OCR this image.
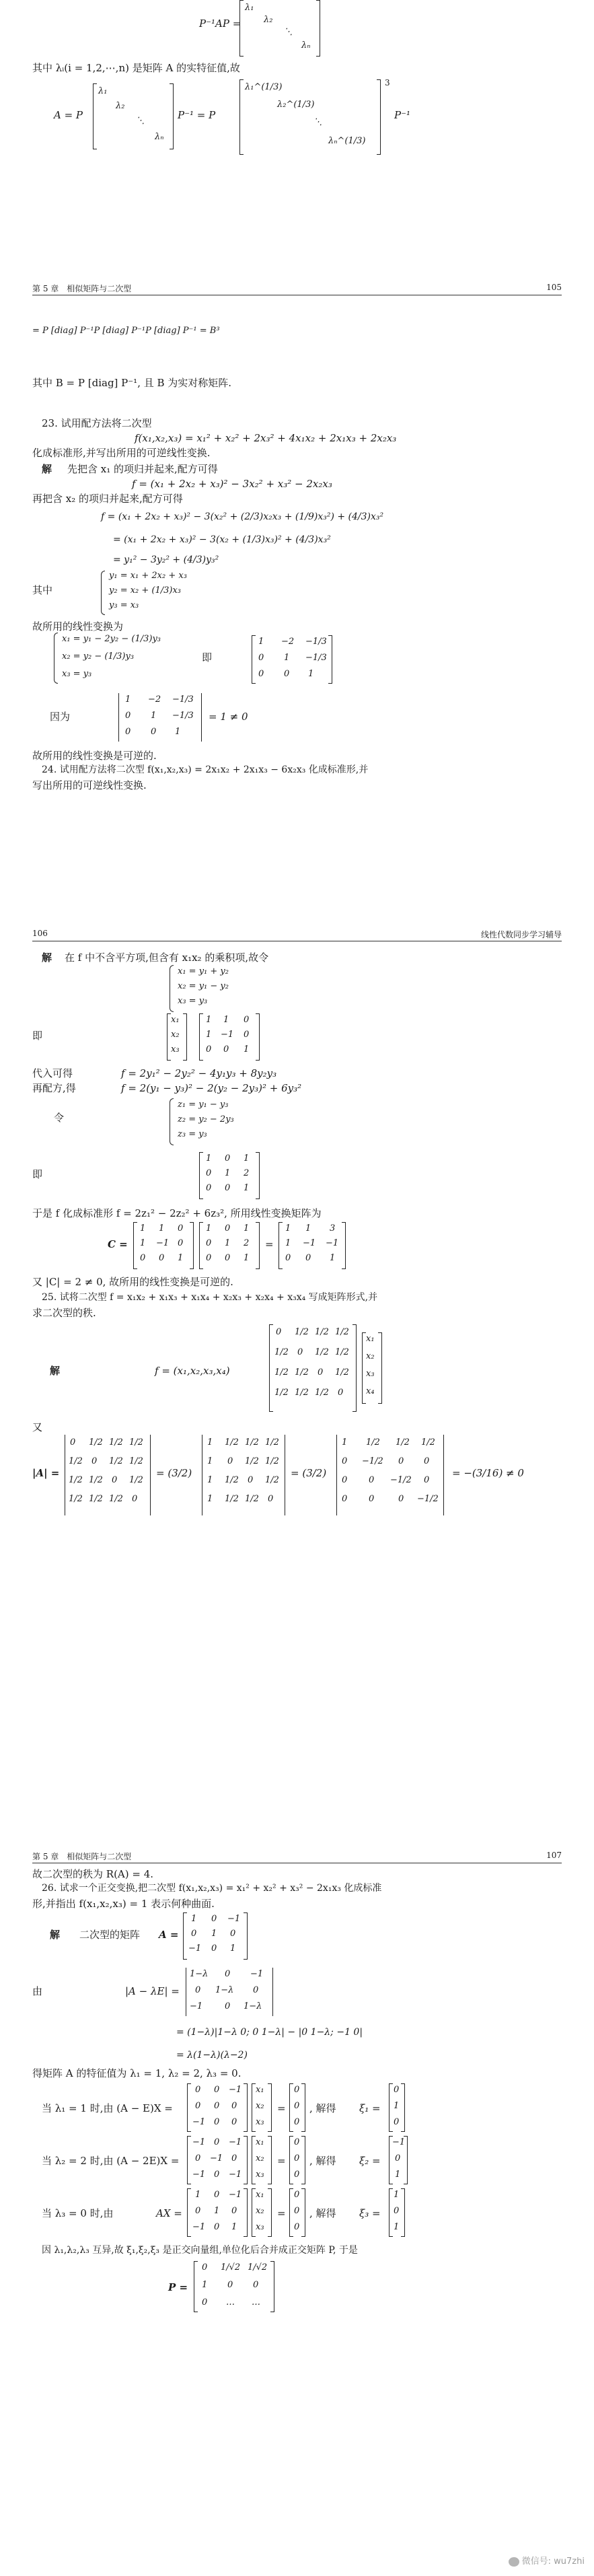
P⁻¹AP =
λ₁
λ₂
⋱
λₙ
其中 λᵢ(i = 1,2,⋯,n) 是矩阵 A 的实特征值,故
A = P
λ₁
λ₂
⋱
λₙ
P⁻¹ = P
λ₁^(1/3)
λ₂^(1/3)
⋱
λₙ^(1/3)
3
P⁻¹
第 5 章　相似矩阵与二次型	105
= P [diag] P⁻¹P [diag] P⁻¹P [diag] P⁻¹ = B³
其中 B = P [diag] P⁻¹, 且 B 为实对称矩阵.
23. 试用配方法将二次型
f(x₁,x₂,x₃) = x₁² + x₂² + 2x₃² + 4x₁x₂ + 2x₁x₃ + 2x₂x₃
化成标准形,并写出所用的可逆线性变换.
解 先把含 x₁ 的项归并起来,配方可得
f = (x₁ + 2x₂ + x₃)² − 3x₂² + x₃² − 2x₂x₃
再把含 x₂ 的项归并起来,配方可得
f = (x₁ + 2x₂ + x₃)² − 3(x₂² + (2/3)x₂x₃ + (1/9)x₃²) + (4/3)x₃²
= (x₁ + 2x₂ + x₃)² − 3(x₂ + (1/3)x₃)² + (4/3)x₃²
= y₁² − 3y₂² + (4/3)y₃²
其中
y₁ = x₁ + 2x₂ + x₃
y₂ = x₂ + (1/3)x₃
y₃ = x₃
故所用的线性变换为
x₁ = y₁ − 2y₂ − (1/3)y₃
x₂ = y₂ − (1/3)y₃
x₃ = y₃
即
1 −2 −1/3
0 1 −1/3
0 0 1
因为
1 −2 −1/3
0 1 −1/3
0 0 1
= 1 ≠ 0
故所用的线性变换是可逆的.
24. 试用配方法将二次型 f(x₁,x₂,x₃) = 2x₁x₂ + 2x₁x₃ − 6x₂x₃ 化成标准形,并
写出所用的可逆线性变换.
106	线性代数同步学习辅导
解 在 f 中不含平方项,但含有 x₁x₂ 的乘积项,故令
x₁ = y₁ + y₂
x₂ = y₁ − y₂
x₃ = y₃
即
x₁
x₂
x₃
1 1 0
1 −1 0
0 0 1
代入可得	f = 2y₁² − 2y₂² − 4y₁y₃ + 8y₂y₃
再配方,得	f = 2(y₁ − y₃)² − 2(y₂ − 2y₃)² + 6y₃²
令
z₁ = y₁ − y₃
z₂ = y₂ − 2y₃
z₃ = y₃
即
1 0 1
0 1 2
0 0 1
于是 f 化成标准形 f = 2z₁² − 2z₂² + 6z₃², 所用线性变换矩阵为
C =
1 1 0
1 −1 0
0 0 1
1 0 1
0 1 2
0 0 1
=
1 1 3
1 −1 −1
0 0 1
又 |C| = 2 ≠ 0, 故所用的线性变换是可逆的.
25. 试将二次型 f = x₁x₂ + x₁x₃ + x₁x₄ + x₂x₃ + x₂x₄ + x₃x₄ 写成矩阵形式,并
求二次型的秩.
解	f = (x₁,x₂,x₃,x₄)
0 1/2 1/2 1/2
1/2 0 1/2 1/2
1/2 1/2 0 1/2
1/2 1/2 1/2 0
x₁
x₂
x₃
x₄
又
|A| =
0 1/2 1/2 1/2
1/2 0 1/2 1/2
1/2 1/2 0 1/2
1/2 1/2 1/2 0
= (3/2)
1 1/2 1/2 1/2
1 0 1/2 1/2
1 1/2 0 1/2
1 1/2 1/2 0
= (3/2)
1 1/2 1/2 1/2
0 −1/2 0 0
0 0 −1/2 0
0 0	0 −1/2
= −(3/16) ≠ 0
第 5 章　相似矩阵与二次型	107
故二次型的秩为 R(A) = 4.
26. 试求一个正交变换,把二次型 f(x₁,x₂,x₃) = x₁² + x₂² + x₃² − 2x₁x₃ 化成标准
形,并指出 f(x₁,x₂,x₃) = 1 表示何种曲面.
解 二次型的矩阵 A =
1 0 −1
0 1 0
−1 0 1
由	|A − λE| =
1−λ 0 −1
0 1−λ 0
−1	0 1−λ
= (1−λ)|1−λ 0; 0 1−λ| − |0 1−λ; −1 0|
= λ(1−λ)(λ−2)
得矩阵 A 的特征值为 λ₁ = 1, λ₂ = 2, λ₃ = 0.
当 λ₁ = 1 时,由 (A − E)X =
0 0 −1
0 0 0
−1 0 0
x₁
x₂
x₃
=
0
0
0
, 解得 ξ₁ =
0
1
0
当 λ₂ = 2 时,由 (A − 2E)X =
−1 0 −1
0 −1 0
−1 0 −1
x₁
x₂
x₃
=
0
0
0
, 解得 ξ₂ =
−1
0
1
当 λ₃ = 0 时,由	AX =
1 0 −1
0 1 0
−1 0 1
x₁
x₂
x₃
=
0
0
0
, 解得 ξ₃ =
1
0
1
因 λ₁,λ₂,λ₃ 互异,故 ξ₁,ξ₂,ξ₃ 是正交向量组,单位化后合并成正交矩阵 P, 于是
P =
0 1/√2 1/√2
1 0 0
0 … …
微信号: wu7zhi
